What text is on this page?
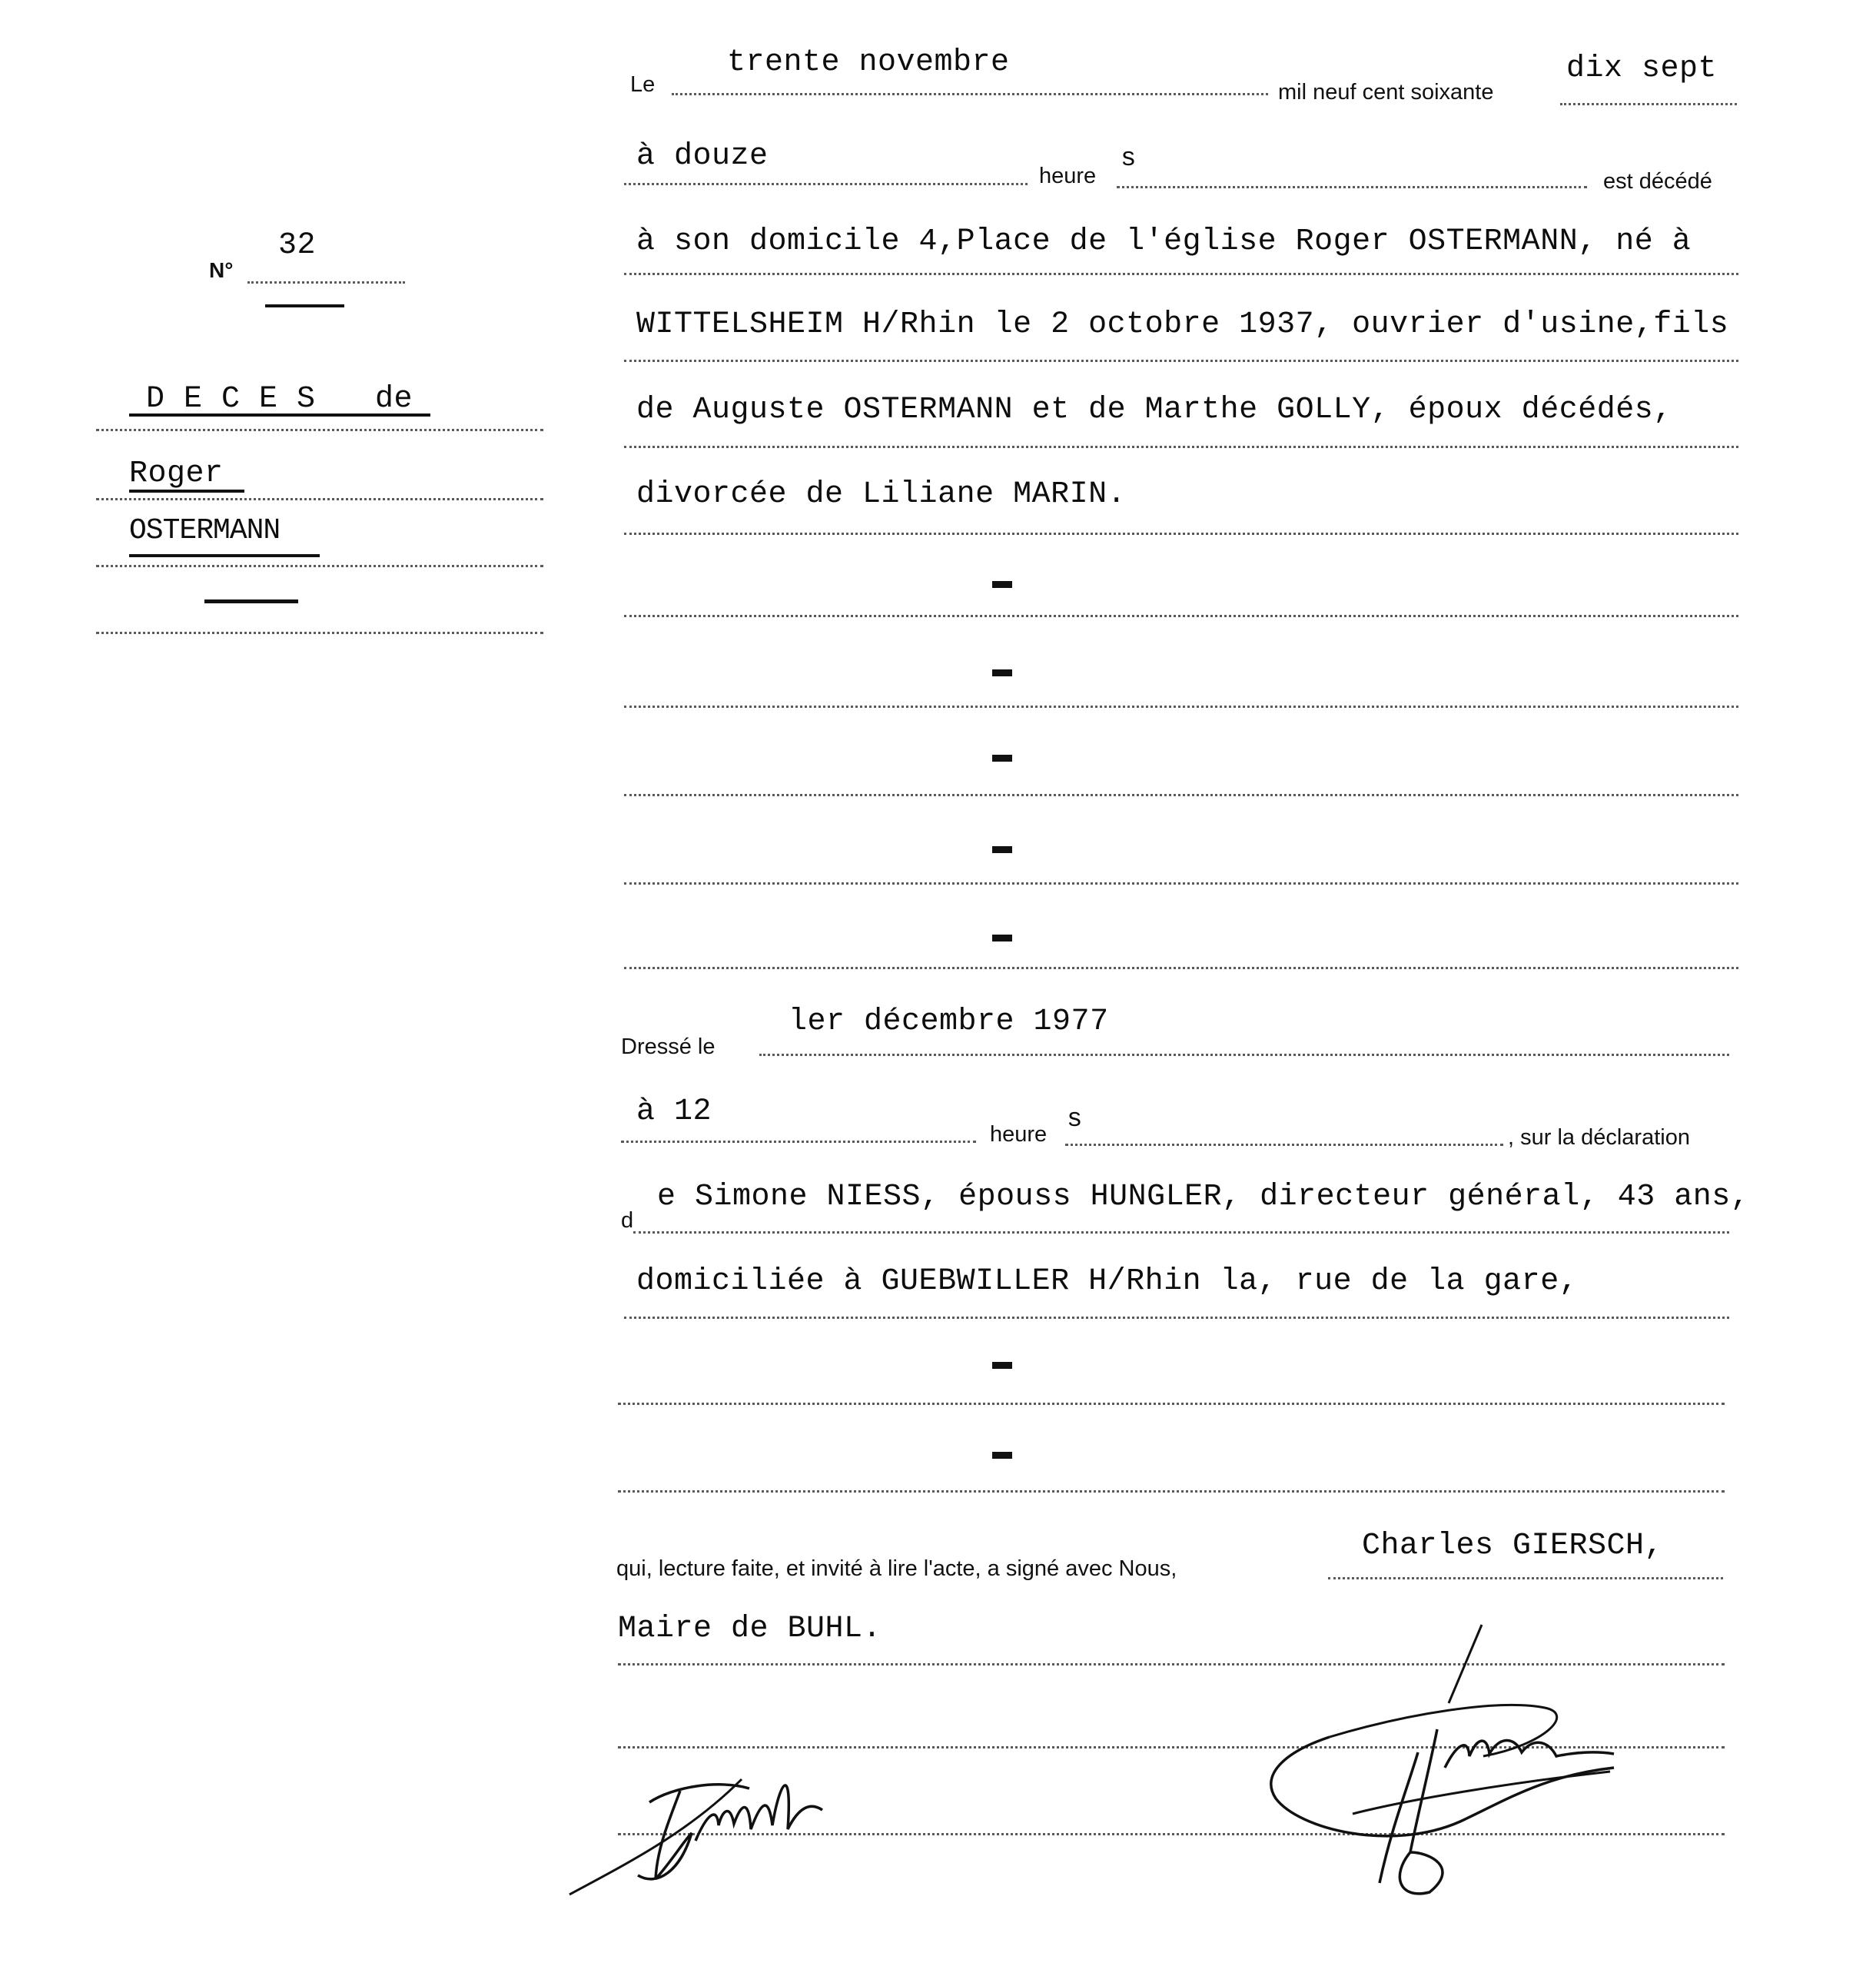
N°
32
D E C E S de
Roger
OSTERMANN
Le
trente novembre
mil neuf cent soixante
dix sept
à douze
heure
s
est décédé
à son domicile 4,Place de l'église Roger OSTERMANN, né à
WITTELSHEIM H/Rhin le 2 octobre 1937, ouvrier d'usine,fils
de Auguste OSTERMANN et de Marthe GOLLY, époux décédés,
divorcée de Liliane MARIN.
Dressé le
ler décembre 1977
à 12
heure s
, sur la déclaration
d
e Simone NIESS, épouss HUNGLER, directeur général, 43 ans,
domiciliée à GUEBWILLER H/Rhin la, rue de la gare,
qui, lecture faite, et invité à lire l'acte, a signé avec Nous,
Charles GIERSCH,
Maire de BUHL.
